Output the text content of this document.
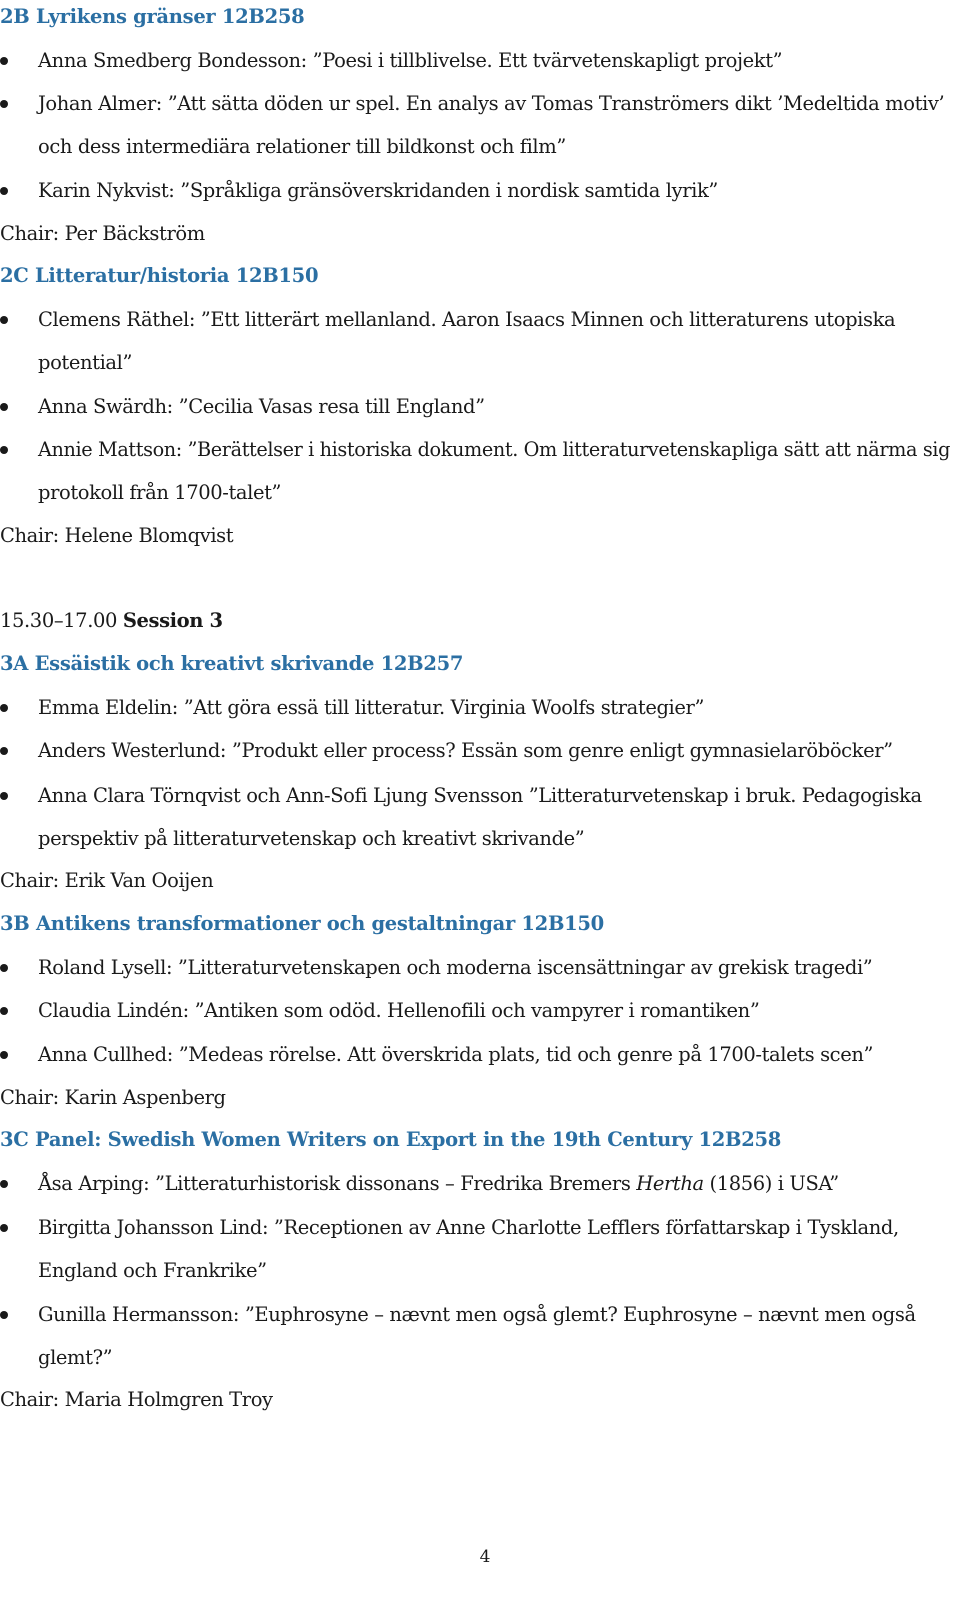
2B Lyrikens gränser 12B258
Anna Smedberg Bondesson: ”Poesi i tillblivelse. Ett tvärvetenskapligt projekt”
Johan Almer: ”Att sätta döden ur spel. En analys av Tomas Tranströmers dikt ’Medeltida motiv’
och dess intermediära relationer till bildkonst och film”
Karin Nykvist: ”Språkliga gränsöverskridanden i nordisk samtida lyrik”
Chair: Per Bäckström
2C Litteratur/historia 12B150
Clemens Räthel: ”Ett litterärt mellanland. Aaron Isaacs Minnen och litteraturens utopiska
potential”
Anna Swärdh: ”Cecilia Vasas resa till England”
Annie Mattson: ”Berättelser i historiska dokument. Om litteraturvetenskapliga sätt att närma sig
protokoll från 1700-talet”
Chair: Helene Blomqvist
15.30–17.00 Session 3
3A Essäistik och kreativt skrivande 12B257
Emma Eldelin: ”Att göra essä till litteratur. Virginia Woolfs strategier”
Anders Westerlund: ”Produkt eller process? Essän som genre enligt gymnasielaröböcker”
Anna Clara Törnqvist och Ann-Sofi Ljung Svensson ”Litteraturvetenskap i bruk. Pedagogiska
perspektiv på litteraturvetenskap och kreativt skrivande”
Chair: Erik Van Ooijen
3B Antikens transformationer och gestaltningar 12B150
Roland Lysell: ”Litteraturvetenskapen och moderna iscensättningar av grekisk tragedi”
Claudia Lindén: ”Antiken som odöd. Hellenofili och vampyrer i romantiken”
Anna Cullhed: ”Medeas rörelse. Att överskrida plats, tid och genre på 1700-talets scen”
Chair: Karin Aspenberg
3C Panel: Swedish Women Writers on Export in the 19th Century 12B258
Åsa Arping: ”Litteraturhistorisk dissonans – Fredrika Bremers Hertha (1856) i USA”
Birgitta Johansson Lind: ”Receptionen av Anne Charlotte Lefflers författarskap i Tyskland,
England och Frankrike”
Gunilla Hermansson: ”Euphrosyne – nævnt men også glemt? Euphrosyne – nævnt men også
glemt?”
Chair: Maria Holmgren Troy
4
